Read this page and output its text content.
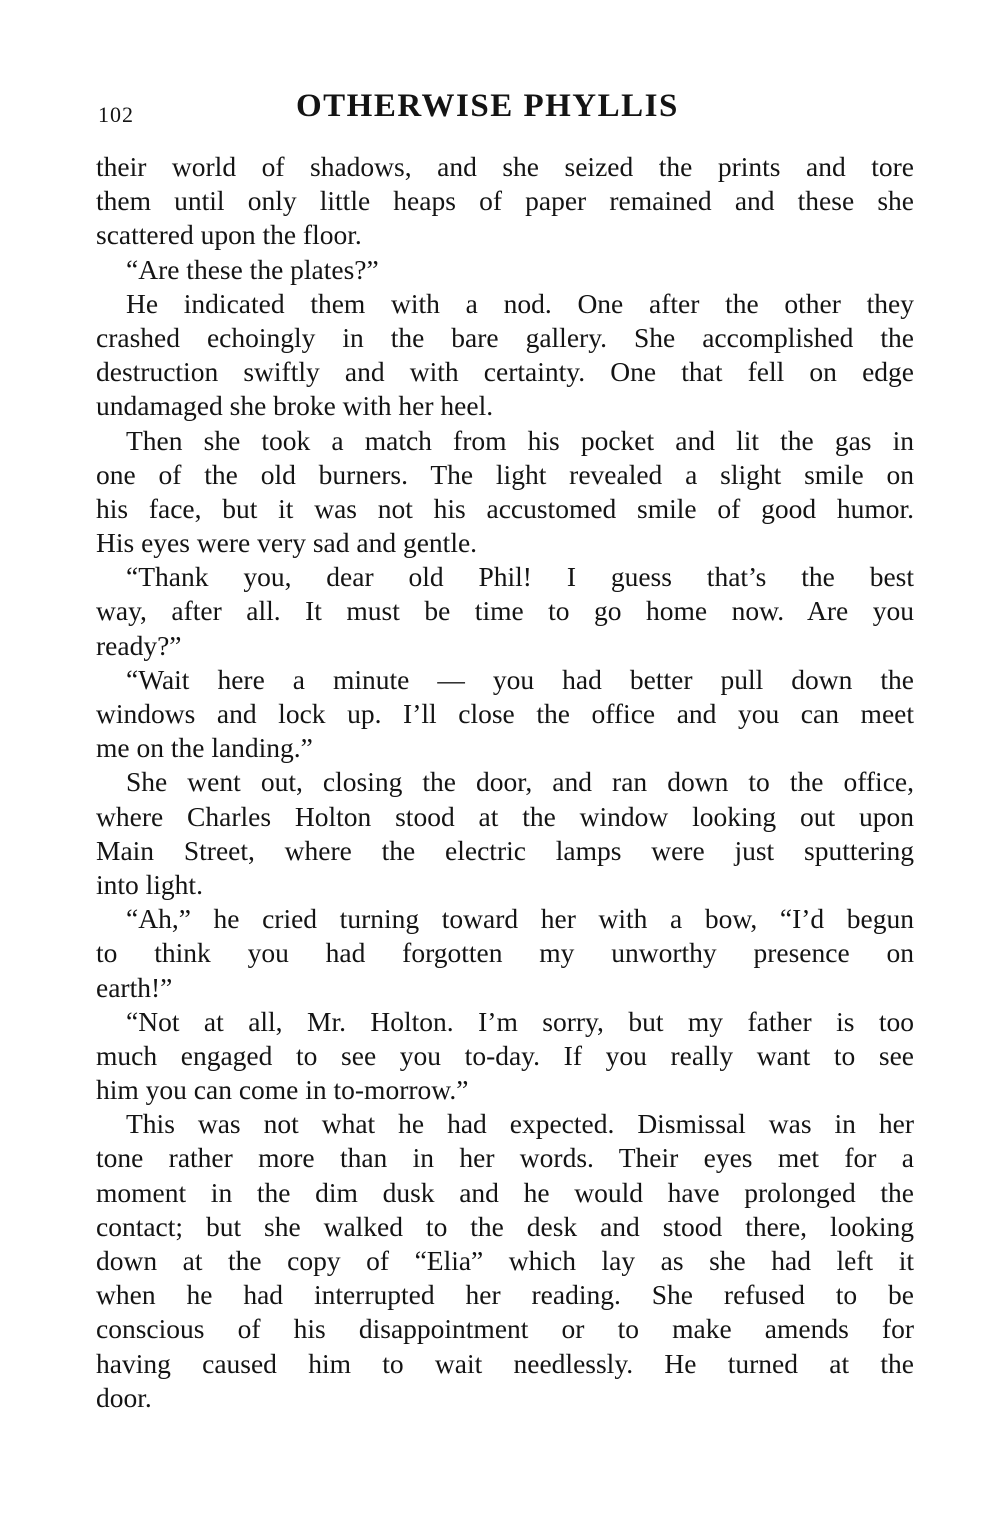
102	OTHERWISE PHYLLIS
their world of shadows, and she seized the prints and tore
them until only little heaps of paper remained and these she
scattered upon the floor.
“Are these the plates?”
He indicated them with a nod. One after the other they
crashed echoingly in the bare gallery. She accomplished the
destruction swiftly and with certainty. One that fell on edge
undamaged she broke with her heel.
Then she took a match from his pocket and lit the gas in
one of the old burners. The light revealed a slight smile on
his face, but it was not his accustomed smile of good humor.
His eyes were very sad and gentle.
“Thank you, dear old Phil! I guess that’s the best
way, after all. It must be time to go home now. Are you
ready?”
“Wait here a minute — you had better pull down the
windows and lock up. I’ll close the office and you can meet
me on the landing.”
She went out, closing the door, and ran down to the office,
where Charles Holton stood at the window looking out upon
Main Street, where the electric lamps were just sputtering
into light.
“Ah,” he cried turning toward her with a bow, “I’d begun
to think you had forgotten my unworthy presence on
earth!”
“Not at all, Mr. Holton. I’m sorry, but my father is too
much engaged to see you to-day. If you really want to see
him you can come in to-morrow.”
This was not what he had expected. Dismissal was in her
tone rather more than in her words. Their eyes met for a
moment in the dim dusk and he would have prolonged the
contact; but she walked to the desk and stood there, looking
down at the copy of “Elia” which lay as she had left it
when he had interrupted her reading. She refused to be
conscious of his disappointment or to make amends for
having caused him to wait needlessly. He turned at the
door.
